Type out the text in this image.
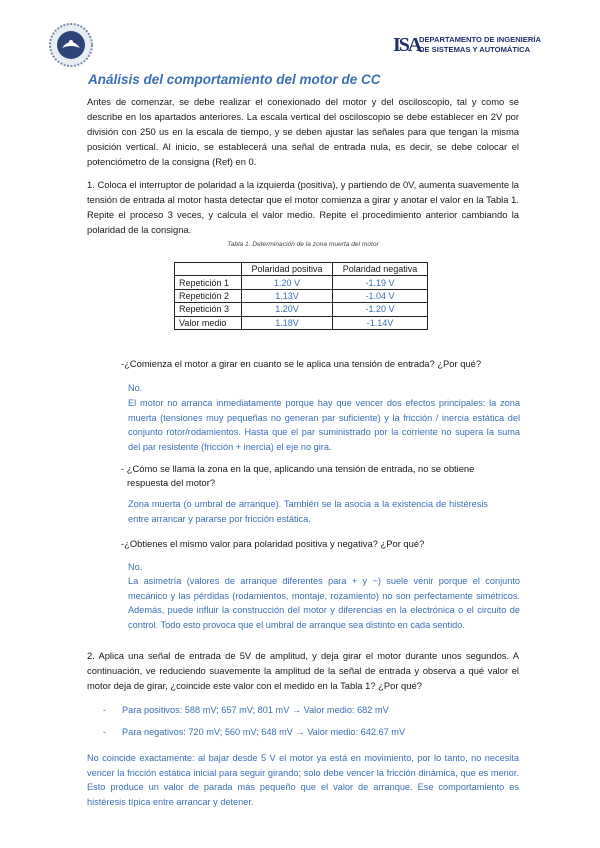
ISA
DEPARTAMENTO DE INGENIERÍA
DE SISTEMAS Y AUTOMÁTICA
Análisis del comportamiento del motor de CC
Antes de comenzar, se debe realizar el conexionado del motor y del osciloscopio, tal y como se describe en los apartados anteriores. La escala vertical del osciloscopio se debe establecer en 2V por división con 250 us en la escala de tiempo, y se deben ajustar las señales para que tengan la misma posición vertical. Al inicio, se establecerá una señal de entrada nula, es decir, se debe colocar el potenciómetro de la consigna (Ref) en 0.
1. Coloca el interruptor de polaridad a la izquierda (positiva), y partiendo de 0V, aumenta suavemente la tensión de entrada al motor hasta detectar que el motor comienza a girar y anotar el valor en la Tabla 1. Repite el proceso 3 veces, y calcula el valor medio. Repite el procedimiento anterior cambiando la polaridad de la consigna.
Tabla 1. Determinación de la zona muerta del motor
	Polaridad positiva	Polaridad negativa
Repetición 1	1.20 V	-1.19 V
Repetición 2	1.13V	-1.04 V
Repetición 3	1.20V	-1.20 V
Valor medio	1.18V	-1.14V
-¿Comienza el motor a girar en cuanto se le aplica una tensión de entrada? ¿Por qué?
No.
El motor no arranca inmediatamente porque hay que vencer dos efectos principales: la zona muerta (tensiones muy pequeñas no generan par suficiente) y la fricción / inercia estática del conjunto rotor/rodamientos. Hasta que el par suministrado por la corriente no supera la suma del par resistente (fricción + inercia) el eje no gira.
- ¿Cómo se llama la zona en la que, aplicando una tensión de entrada, no se obtiene
respuesta del motor?
Zona muerta (o umbral de arranque). También se la asocia a la existencia de histéresis entre arrancar y pararse por fricción estática.
-¿Obtienes el mismo valor para polaridad positiva y negativa? ¿Por qué?
No.
La asimetría (valores de arranque diferentes para + y −) suele venir porque el conjunto mecánico y las pérdidas (rodamientos, montaje, rozamiento) no son perfectamente simétricos. Además, puede influir la construcción del motor y diferencias en la electrónica o el circuito de control. Todo esto provoca que el umbral de arranque sea distinto en cada sentido.
2. Aplica una señal de entrada de 5V de amplitud, y deja girar el motor durante unos segundos. A continuación, ve reduciendo suavemente la amplitud de la señal de entrada y observa a qué valor el motor deja de girar, ¿coincide este valor con el medido en la Tabla 1? ¿Por qué?
- Para positivos: 588 mV; 657 mV; 801 mV → Valor medio: 682 mV
- Para negativos: 720 mV; 560 mV; 648 mV → Valor medio: 642.67 mV
No coincide exactamente: al bajar desde 5 V el motor ya está en movimiento, por lo tanto, no necesita vencer la fricción estática inicial para seguir girando; solo debe vencer la fricción dinámica, que es menor. Esto produce un valor de parada más pequeño que el valor de arranque. Ese comportamiento es histéresis típica entre arrancar y detener.
